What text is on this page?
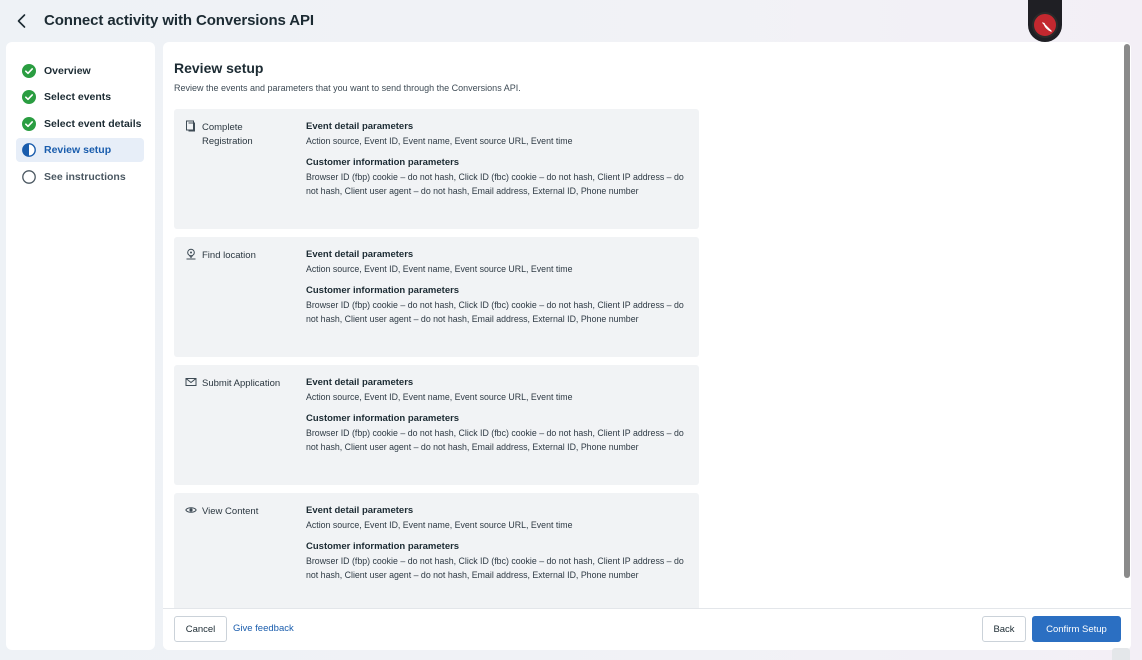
Connect activity with Conversions API
Overview
Select events
Select event details
Review setup
See instructions
Review setup
Review the events and parameters that you want to send through the Conversions API.
Complete Registration
Event detail parameters
Action source, Event ID, Event name, Event source URL, Event time
Customer information parameters
Browser ID (fbp) cookie – do not hash, Click ID (fbc) cookie – do not hash, Client IP address – do not hash, Client user agent – do not hash, Email address, External ID, Phone number
Find location	Event detail parameters
Action source, Event ID, Event name, Event source URL, Event time
Customer information parameters
Browser ID (fbp) cookie – do not hash, Click ID (fbc) cookie – do not hash, Client IP address – do not hash, Client user agent – do not hash, Email address, External ID, Phone number
Submit Application	Event detail parameters
Action source, Event ID, Event name, Event source URL, Event time
Customer information parameters
Browser ID (fbp) cookie – do not hash, Click ID (fbc) cookie – do not hash, Client IP address – do not hash, Client user agent – do not hash, Email address, External ID, Phone number
View Content	Event detail parameters
Action source, Event ID, Event name, Event source URL, Event time
Customer information parameters
Browser ID (fbp) cookie – do not hash, Click ID (fbc) cookie – do not hash, Client IP address – do not hash, Client user agent – do not hash, Email address, External ID, Phone number
Cancel	Give feedback	Back	Confirm Setup
